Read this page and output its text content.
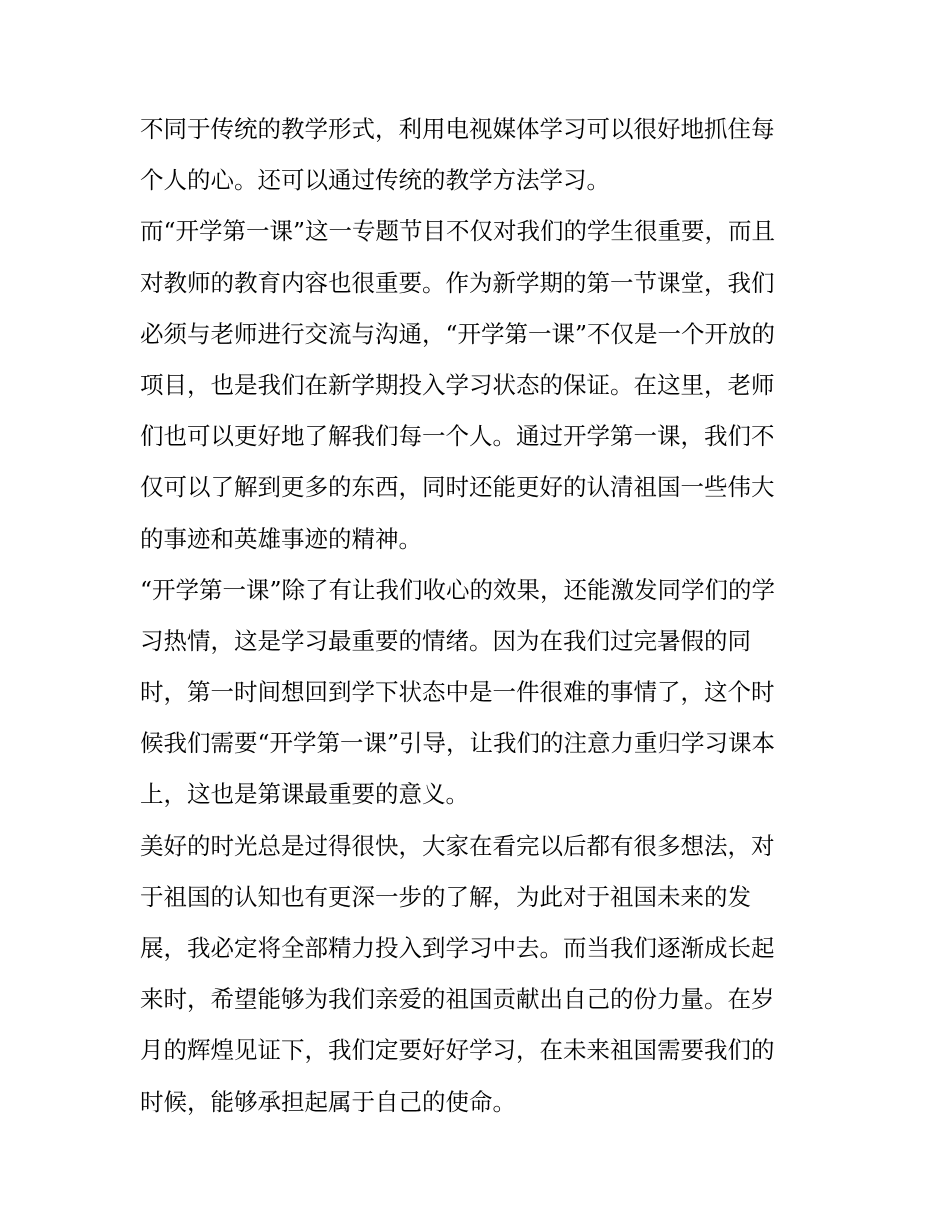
不同于传统的教学形式，利用电视媒体学习可以很好地抓住每
个人的心。还可以通过传统的教学方法学习。
而“开学第一课”这一专题节目不仅对我们的学生很重要，而且
对教师的教育内容也很重要。作为新学期的第一节课堂，我们
必须与老师进行交流与沟通，“开学第一课”不仅是一个开放的
项目，也是我们在新学期投入学习状态的保证。在这里，老师
们也可以更好地了解我们每一个人。通过开学第一课，我们不
仅可以了解到更多的东西，同时还能更好的认清祖国一些伟大
的事迹和英雄事迹的精神。
“开学第一课”除了有让我们收心的效果，还能激发同学们的学
习热情，这是学习最重要的情绪。因为在我们过完暑假的同
时，第一时间想回到学下状态中是一件很难的事情了，这个时
候我们需要“开学第一课”引导，让我们的注意力重归学习课本
上，这也是第课最重要的意义。
美好的时光总是过得很快，大家在看完以后都有很多想法，对
于祖国的认知也有更深一步的了解，为此对于祖国未来的发
展，我必定将全部精力投入到学习中去。而当我们逐渐成长起
来时，希望能够为我们亲爱的祖国贡献出自己的份力量。在岁
月的辉煌见证下，我们定要好好学习，在未来祖国需要我们的
时候，能够承担起属于自己的使命。
